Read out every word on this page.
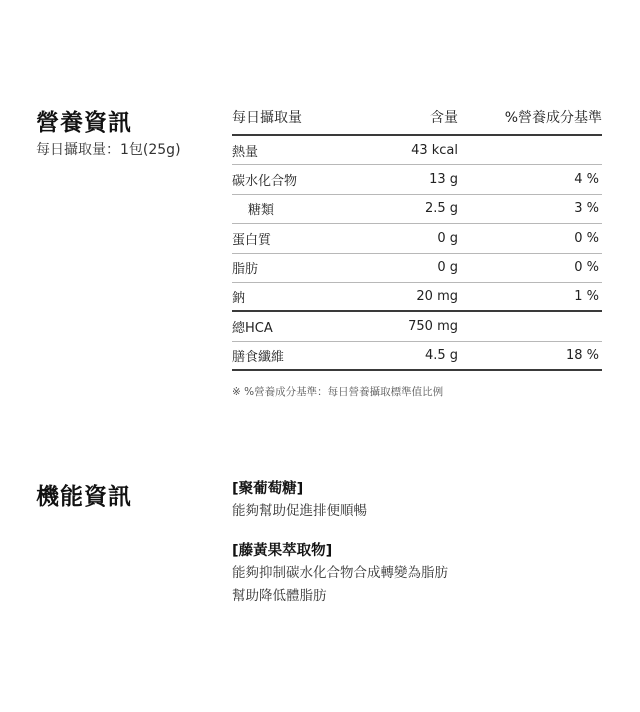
營養資訊
每日攝取量：1包(25g)
每日攝取量	含量	%營養成分基準
熱量	43 kcal
碳水化合物	13 g	4 %
糖類	2.5 g	3 %
蛋白質	0 g	0 %
脂肪	0 g	0 %
鈉	20 mg	1 %
總HCA	750 mg
膳食纖維	4.5 g	18 %
※ %營養成分基準：每日營養攝取標準值比例
機能資訊	[聚葡萄糖]
能夠幫助促進排便順暢
[藤黃果萃取物]
能夠抑制碳水化合物合成轉變為脂肪
幫助降低體脂肪
